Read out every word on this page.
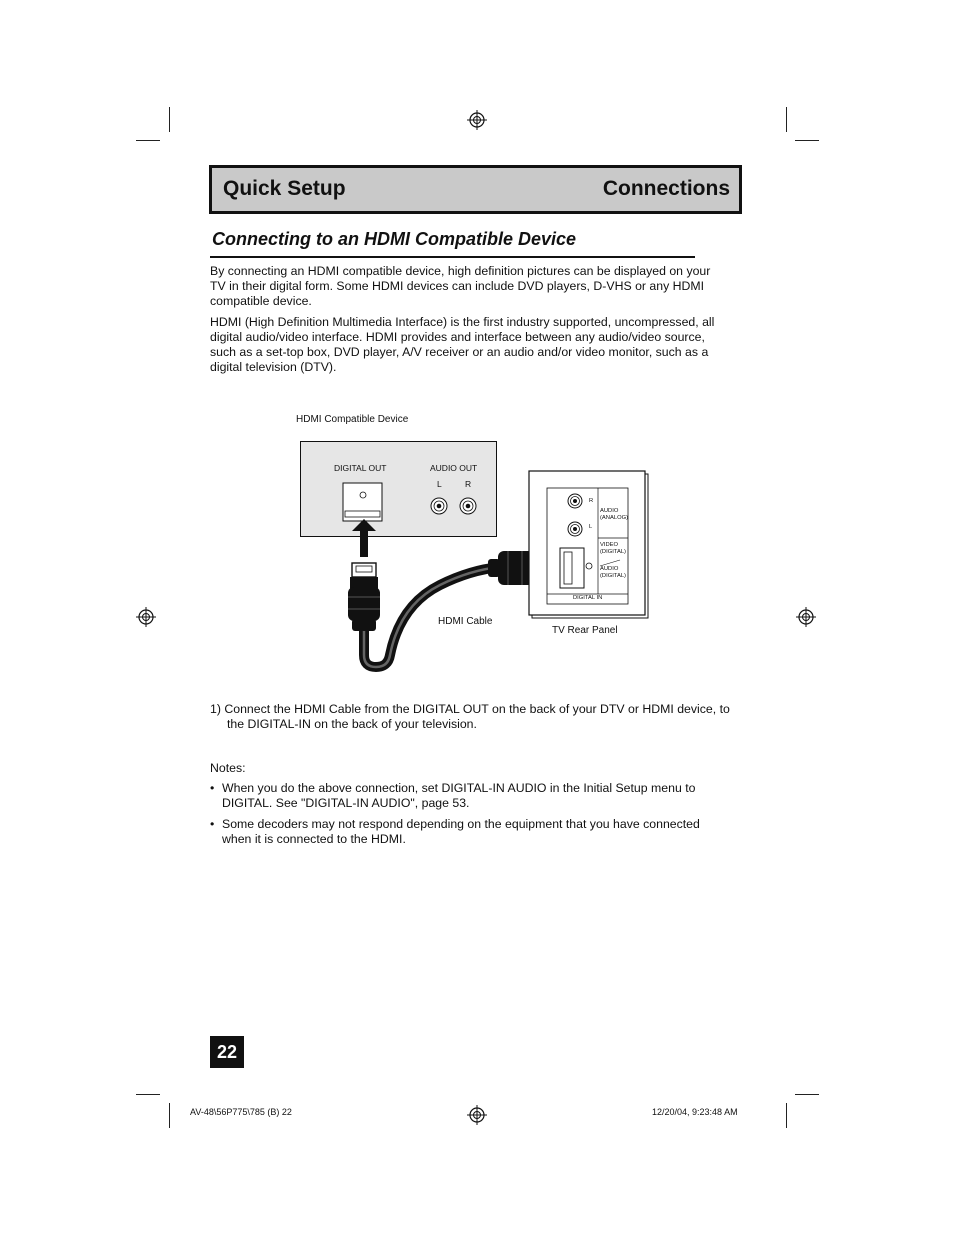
Quick Setup	Connections
Connecting to an HDMI Compatible Device
By connecting an HDMI compatible device, high definition pictures can be displayed on your
TV in their digital form. Some HDMI devices can include DVD players, D-VHS or any HDMI
compatible device.
HDMI (High Definition Multimedia Interface) is the first industry supported, uncompressed, all
digital audio/video interface. HDMI provides and interface between any audio/video source,
such as a set-top box, DVD player, A/V receiver or an audio and/or video monitor, such as a
digital television (DTV).
HDMI Compatible Device
DIGITAL OUT	AUDIO OUT
L	R
HDMI Cable
R
L
AUDIO
(ANALOG)
VIDEO
(DIGITAL)
AUDIO
(DIGITAL)
DIGITAL IN
TV Rear Panel
1) Connect the HDMI Cable from the DIGITAL OUT on the back of your DTV or HDMI device, to
the DIGITAL-IN on the back of your television.
Notes:
• When you do the above connection, set DIGITAL-IN AUDIO in the Initial Setup menu to
DIGITAL. See "DIGITAL-IN AUDIO", page 53.
• Some decoders may not respond depending on the equipment that you have connected
when it is connected to the HDMI.
22
AV-48\56P775\785 (B) 22	12/20/04, 9:23:48 AM
